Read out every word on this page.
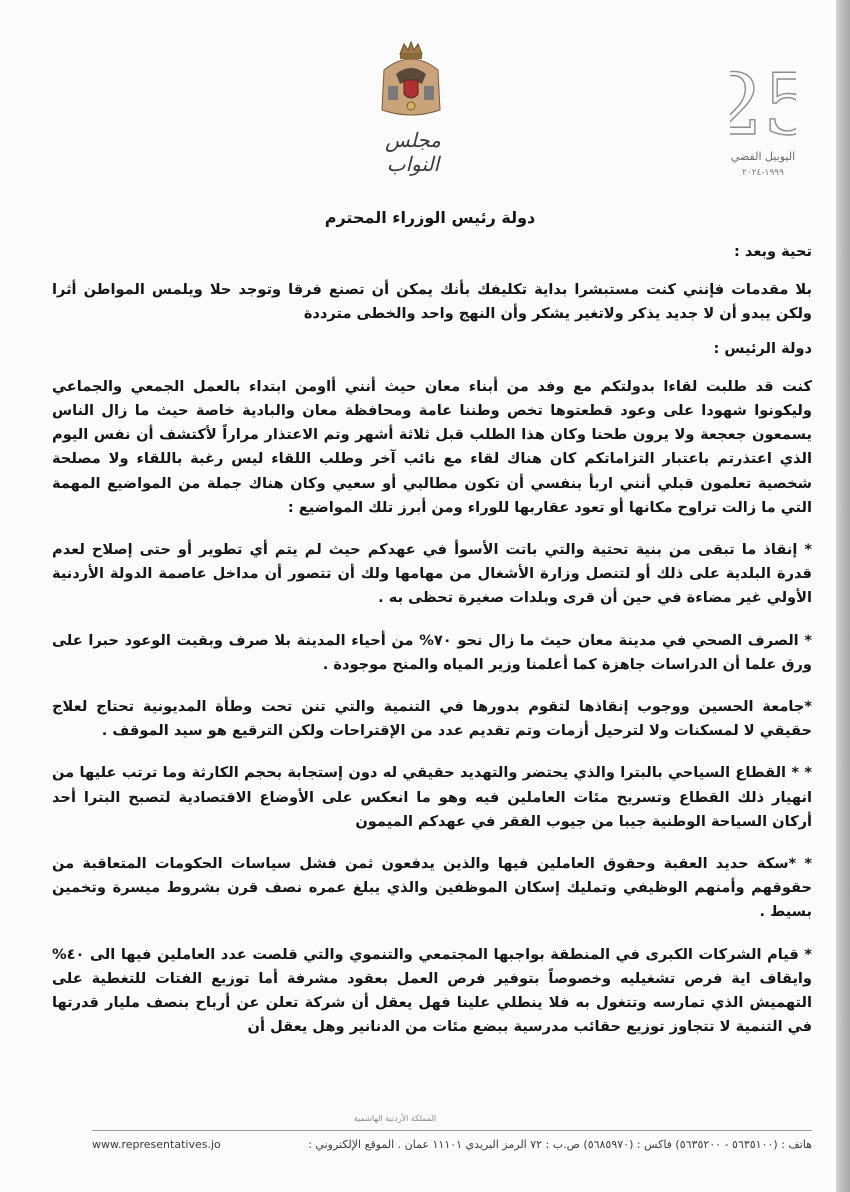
مجلس النواب
25
اليوبيل الفضي
١٩٩٩-٢٠٢٤
دولة رئيس الوزراء المحترم

تحية وبعد :

بلا مقدمات فإنني كنت مستبشرا بداية تكليفك بأنك يمكن أن تصنع فرقا وتوجد حلا ويلمس المواطن أثرا ولكن يبدو أن لا جديد يذكر ولاتغير يشكر وأن النهج واحد والخطى مترددة

دولة الرئيس :

كنت قد طلبت لقاءا بدولتكم مع وفد من أبناء معان حيث أنني أاومن ابتداء بالعمل الجمعي والجماعي وليكونوا شهودا على وعود قطعتوها تخص وطننا عامة ومحافظة معان والبادية خاصة حيث ما زال الناس يسمعون جعجعة ولا يرون طحنا وكان هذا الطلب قبل ثلاثة أشهر وتم الاعتذار مراراً لأكتشف أن نفس اليوم الذي اعتذرتم باعتبار التزاماتكم كان هناك لقاء مع نائب آخر وطلب اللقاء ليس رغبة باللقاء ولا مصلحة شخصية تعلمون قبلي أنني اربأ بنفسي أن تكون مطالبي أو سعيي وكان هناك جملة من المواضيع المهمة التي ما زالت تراوح مكانها أو تعود عقاربها للوراء ومن أبرز تلك المواضيع :

* إنقاذ ما تبقى من بنية تحتية والتي باتت الأسوأ في عهدكم حيث لم يتم أي تطوير أو حتى إصلاح لعدم قدرة البلدية على ذلك أو لتنصل وزارة الأشغال من مهامها ولك أن تتصور أن مداخل عاصمة الدولة الأردنية الأولي غير مضاءة في حين أن قرى وبلدات صغيرة تحظى به .

* الصرف الصحي في مدينة معان حيث ما زال نحو ٧٠% من أحياء المدينة بلا صرف وبقيت الوعود حبرا على ورق علما أن الدراسات جاهزة كما أعلمنا وزير المياه والمنح موجودة .

*جامعة الحسين ووجوب إنقاذها لتقوم بدورها في التنمية والتي تنن تحت وطأة المديونية تحتاج لعلاج حقيقي لا لمسكنات ولا لترحيل أزمات وتم تقديم عدد من الإقتراحات ولكن الترقيع هو سيد الموقف .

* * القطاع السياحي بالبترا والذي يحتضر والتهديد حقيقي له دون إستجابة بحجم الكارثة وما ترتب عليها من انهيار ذلك القطاع وتسريح مئات العاملين فيه وهو ما انعكس على الأوضاع الاقتصادية لتصبح البترا أحد أركان السياحة الوطنية جيبا من جيوب الفقر في عهدكم الميمون

* *سكة حديد العقبة وحقوق العاملين فيها والذين يدفعون ثمن فشل سياسات الحكومات المتعاقبة من حقوقهم وأمنهم الوظيفي وتمليك إسكان الموظفين والذي يبلغ عمره نصف قرن بشروط ميسرة وتخمين بسيط .

* قيام الشركات الكبرى في المنطقة بواجبها المجتمعي والتنموي والتي قلصت عدد العاملين فيها الى ٤٠% وايقاف اية فرص تشغيليه وخصوصاً بتوفير فرص العمل بعقود مشرفة أما توزيع الفتات للتغطية على التهميش الذي تمارسه وتتغول به فلا ينطلي علينا فهل يعقل أن شركة تعلن عن أرباح بنصف مليار قدرتها في التنمية لا تتجاوز توزيع حقائب مدرسية ببضع مئات من الدنانير وهل يعقل أن

المملكة الأردنية الهاشمية
www.representatives.jo	هاتف : (٥٦٣٥١٠٠ - ٥٦٣٥٢٠٠) فاكس : (٥٦٨٥٩٧٠) ص.ب : ٧٢ الرمز البريدي ١١١٠١ عمان . الموقع الإلكتروني :
